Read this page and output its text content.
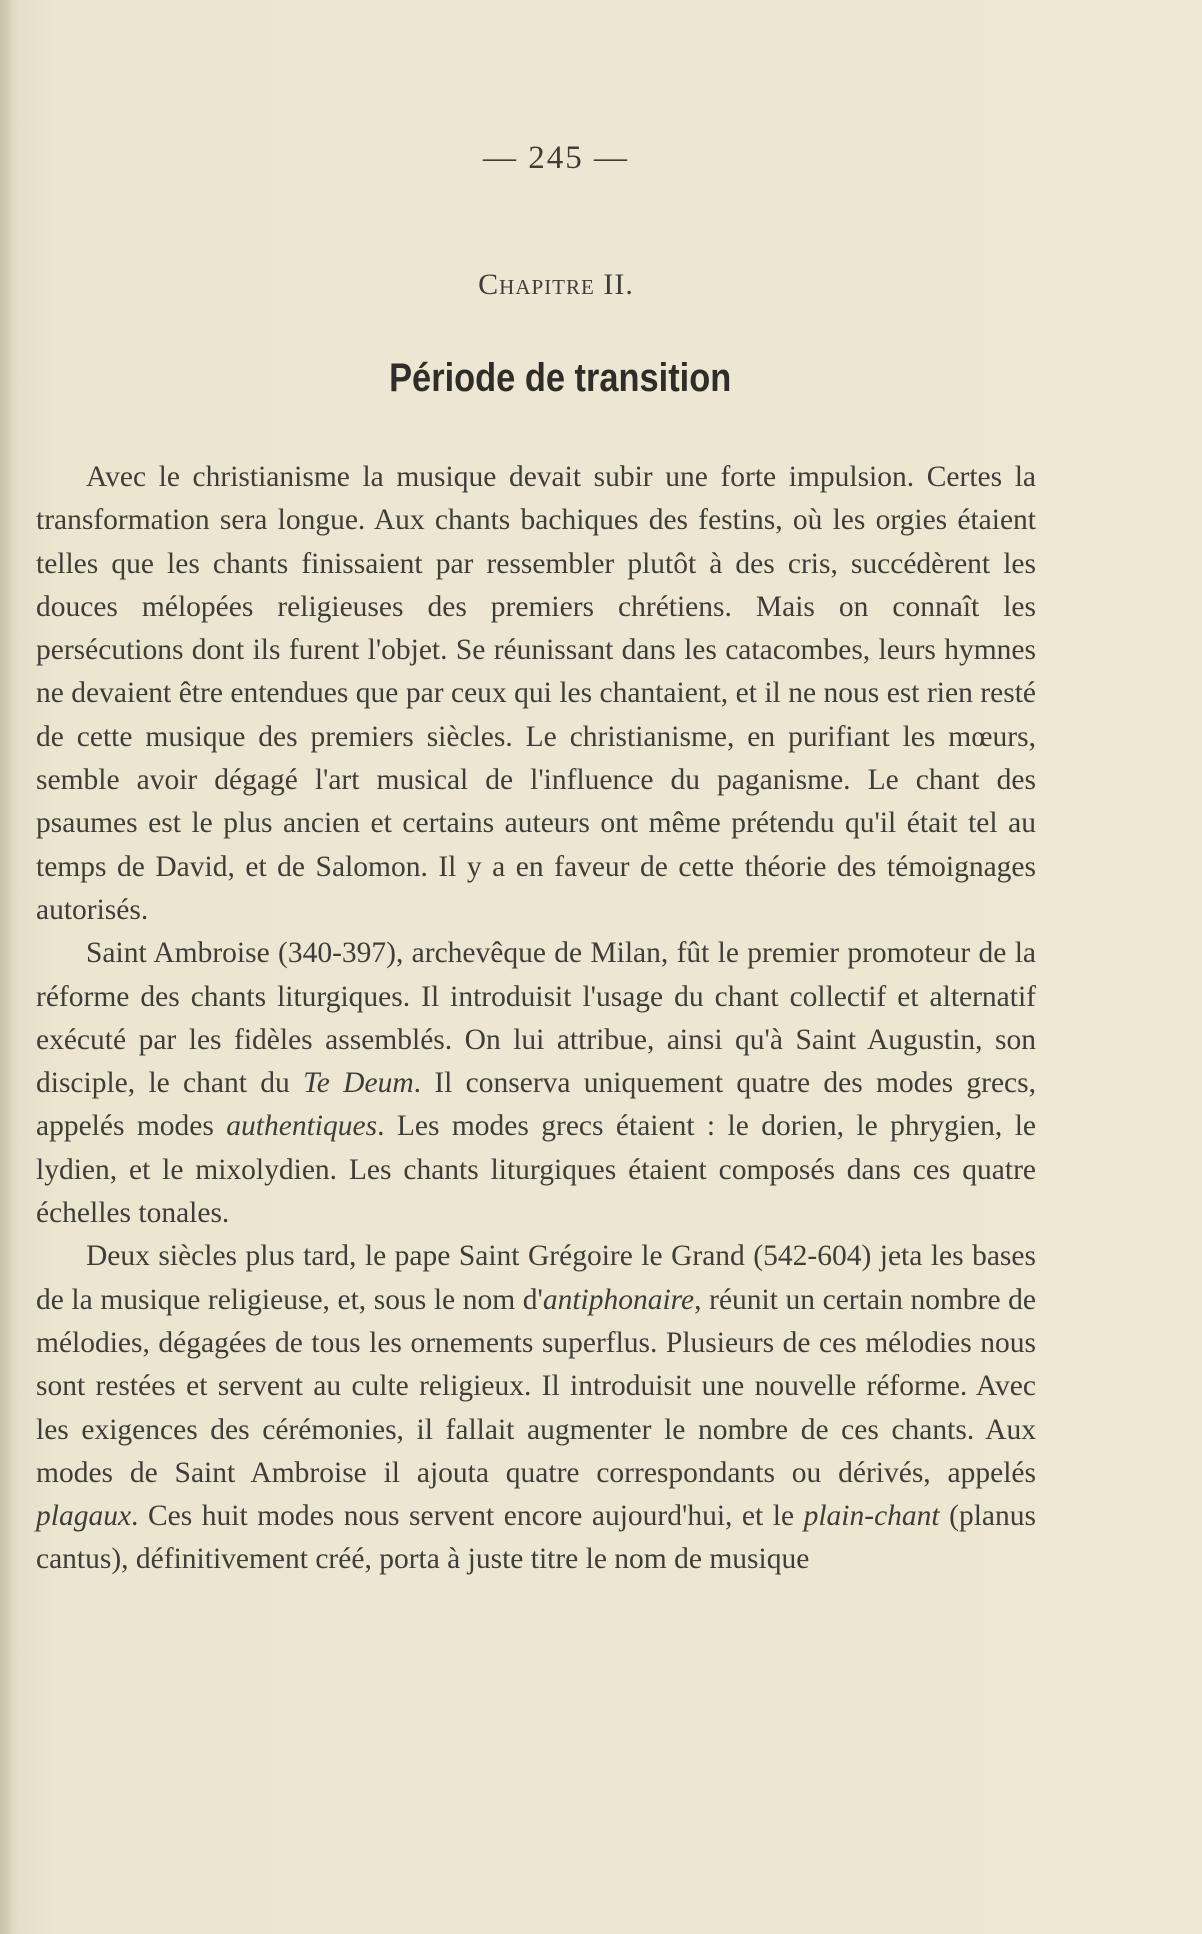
— 245 —

Chapitre II.

Période de transition

Avec le christianisme la musique devait subir une forte impulsion. Certes la transformation sera longue. Aux chants bachiques des festins, où les orgies étaient telles que les chants finissaient par ressembler plutôt à des cris, succédèrent les douces mélopées religieuses des premiers chrétiens. Mais on connaît les persécutions dont ils furent l'objet. Se réunissant dans les catacombes, leurs hymnes ne devaient être entendues que par ceux qui les chantaient, et il ne nous est rien resté de cette musique des premiers siècles. Le christianisme, en purifiant les mœurs, semble avoir dégagé l'art musical de l'influence du paganisme. Le chant des psaumes est le plus ancien et certains auteurs ont même prétendu qu'il était tel au temps de David, et de Salomon. Il y a en faveur de cette théorie des témoignages autorisés.

Saint Ambroise (340-397), archevêque de Milan, fût le premier promoteur de la réforme des chants liturgiques. Il introduisit l'usage du chant collectif et alternatif exécuté par les fidèles assemblés. On lui attribue, ainsi qu'à Saint Augustin, son disciple, le chant du Te Deum. Il conserva uniquement quatre des modes grecs, appelés modes authentiques. Les modes grecs étaient : le dorien, le phrygien, le lydien, et le mixolydien. Les chants liturgiques étaient composés dans ces quatre échelles tonales.

Deux siècles plus tard, le pape Saint Grégoire le Grand (542-604) jeta les bases de la musique religieuse, et, sous le nom d'antiphonaire, réunit un certain nombre de mélodies, dégagées de tous les ornements superflus. Plusieurs de ces mélodies nous sont restées et servent au culte religieux. Il introduisit une nouvelle réforme. Avec les exigences des cérémonies, il fallait augmenter le nombre de ces chants. Aux modes de Saint Ambroise il ajouta quatre correspondants ou dérivés, appelés plagaux. Ces huit modes nous servent encore aujourd'hui, et le plain-chant (planus cantus), définitivement créé, porta à juste titre le nom de musique
